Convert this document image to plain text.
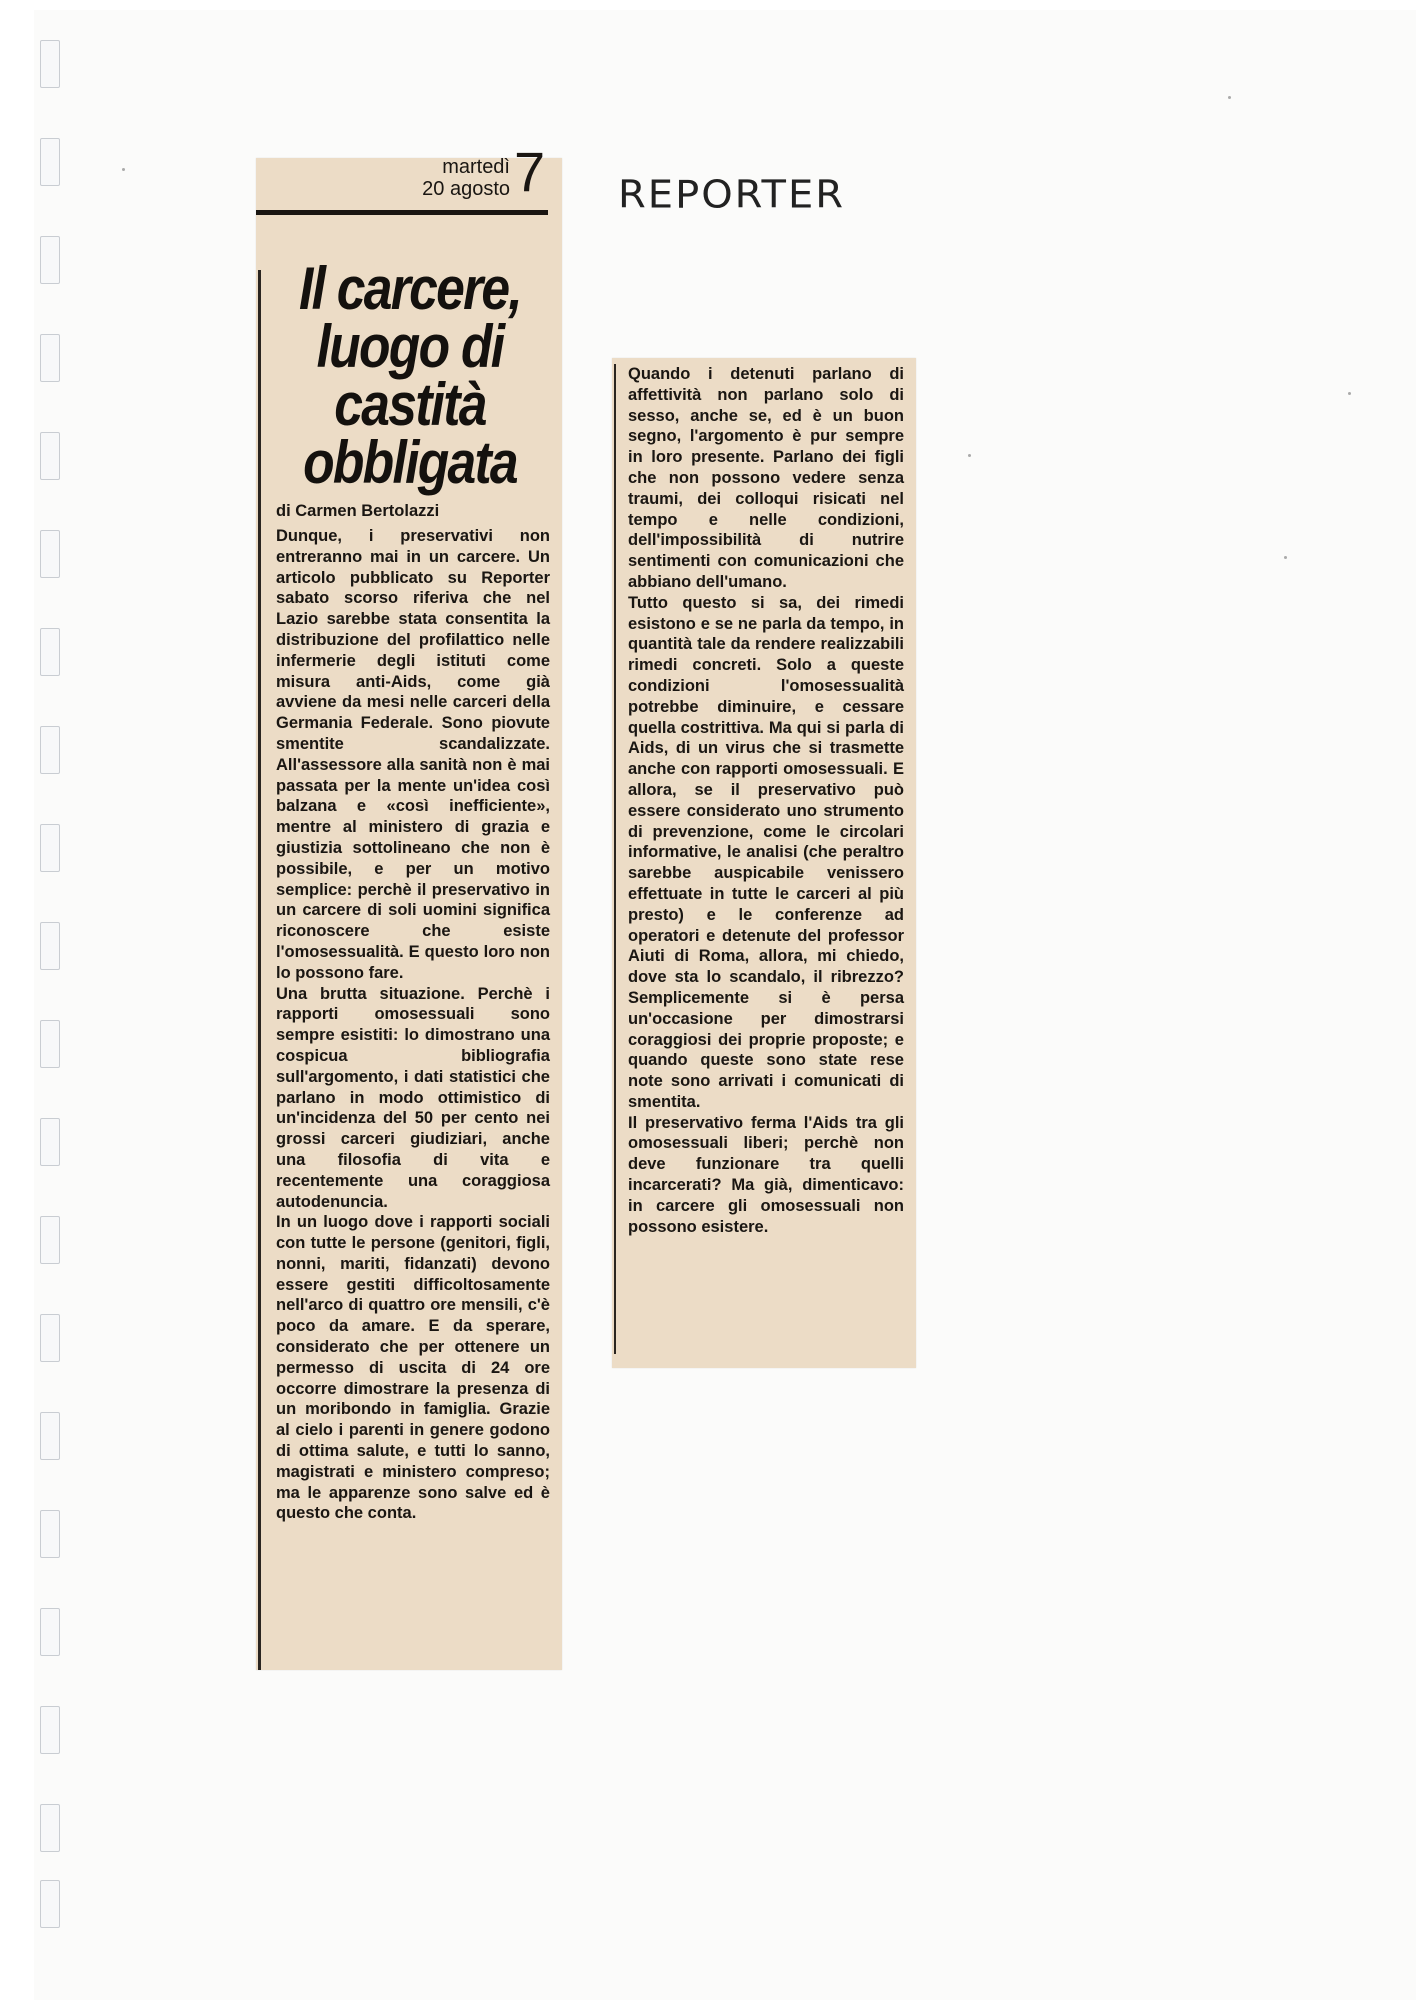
martedì
20 agosto 7 REPORTER
Il carcere,
luogo di
castità
obbligata
di Carmen Bertolazzi

Dunque, i preservativi non entreranno mai in un carcere. Un articolo pubblicato su Reporter sabato scorso riferiva che nel Lazio sarebbe stata consentita la distribuzione del profilattico nelle infermerie degli istituti come misura anti-Aids, come già avviene da mesi nelle carceri della Germania Federale. Sono piovute smentite scandalizzate. All'assessore alla sanità non è mai passata per la mente un'idea così balzana e «così inefficiente», mentre al ministero di grazia e giustizia sottolineano che non è possibile, e per un motivo semplice: perchè il preservativo in un carcere di soli uomini significa riconoscere che esiste l'omosessualità. E questo loro non lo possono fare.

Una brutta situazione. Perchè i rapporti omosessuali sono sempre esistiti: lo dimostrano una cospicua bibliografia sull'argomento, i dati statistici che parlano in modo ottimistico di un'incidenza del 50 per cento nei grossi carceri giudiziari, anche una filosofia di vita e recentemente una coraggiosa autodenuncia.

In un luogo dove i rapporti sociali con tutte le persone (genitori, figli, nonni, mariti, fidanzati) devono essere gestiti difficoltosamente nell'arco di quattro ore mensili, c'è poco da amare. E da sperare, considerato che per ottenere un permesso di uscita di 24 ore occorre dimostrare la presenza di un moribondo in famiglia. Grazie al cielo i parenti in genere godono di ottima salute, e tutti lo sanno, magistrati e ministero compreso; ma le apparenze sono salve ed è questo che conta.

Quando i detenuti parlano di affettività non parlano solo di sesso, anche se, ed è un buon segno, l'argomento è pur sempre in loro presente. Parlano dei figli che non possono vedere senza traumi, dei colloqui risicati nel tempo e nelle condizioni, dell'impossibilità di nutrire sentimenti con comunicazioni che abbiano dell'umano.

Tutto questo si sa, dei rimedi esistono e se ne parla da tempo, in quantità tale da rendere realizzabili rimedi concreti. Solo a queste condizioni l'omosessualità potrebbe diminuire, e cessare quella costrittiva. Ma qui si parla di Aids, di un virus che si trasmette anche con rapporti omosessuali. E allora, se il preservativo può essere considerato uno strumento di prevenzione, come le circolari informative, le analisi (che peraltro sarebbe auspicabile venissero effettuate in tutte le carceri al più presto) e le conferenze ad operatori e detenute del professor Aiuti di Roma, allora, mi chiedo, dove sta lo scandalo, il ribrezzo? Semplicemente si è persa un'occasione per dimostrarsi coraggiosi dei proprie proposte; e quando queste sono state rese note sono arrivati i comunicati di smentita.

Il preservativo ferma l'Aids tra gli omosessuali liberi; perchè non deve funzionare tra quelli incarcerati? Ma già, dimenticavo: in carcere gli omosessuali non possono esistere.
